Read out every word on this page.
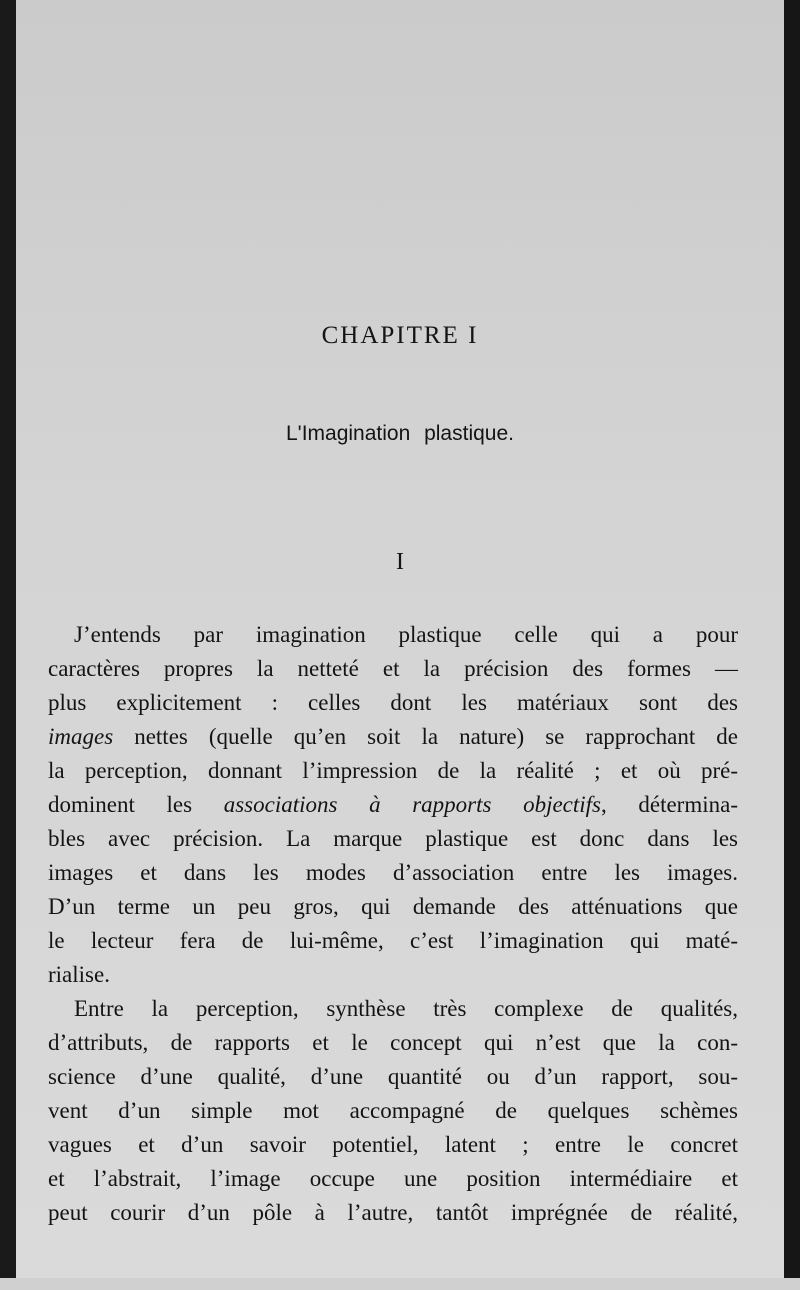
CHAPITRE I
L'Imagination plastique.
I
J’entends par imagination plastique celle qui a pour
caractères propres la netteté et la précision des formes —
plus explicitement : celles dont les matériaux sont des
images nettes (quelle qu’en soit la nature) se rapprochant de
la perception, donnant l’impression de la réalité ; et où pré-
dominent les associations à rapports objectifs, détermina-
bles avec précision. La marque plastique est donc dans les
images et dans les modes d’association entre les images.
D’un terme un peu gros, qui demande des atténuations que
le lecteur fera de lui-même, c’est l’imagination qui maté-
rialise.
Entre la perception, synthèse très complexe de qualités,
d’attributs, de rapports et le concept qui n’est que la con-
science d’une qualité, d’une quantité ou d’un rapport, sou-
vent d’un simple mot accompagné de quelques schèmes
vagues et d’un savoir potentiel, latent ; entre le concret
et l’abstrait, l’image occupe une position intermédiaire et
peut courir d’un pôle à l’autre, tantôt imprégnée de réalité,
